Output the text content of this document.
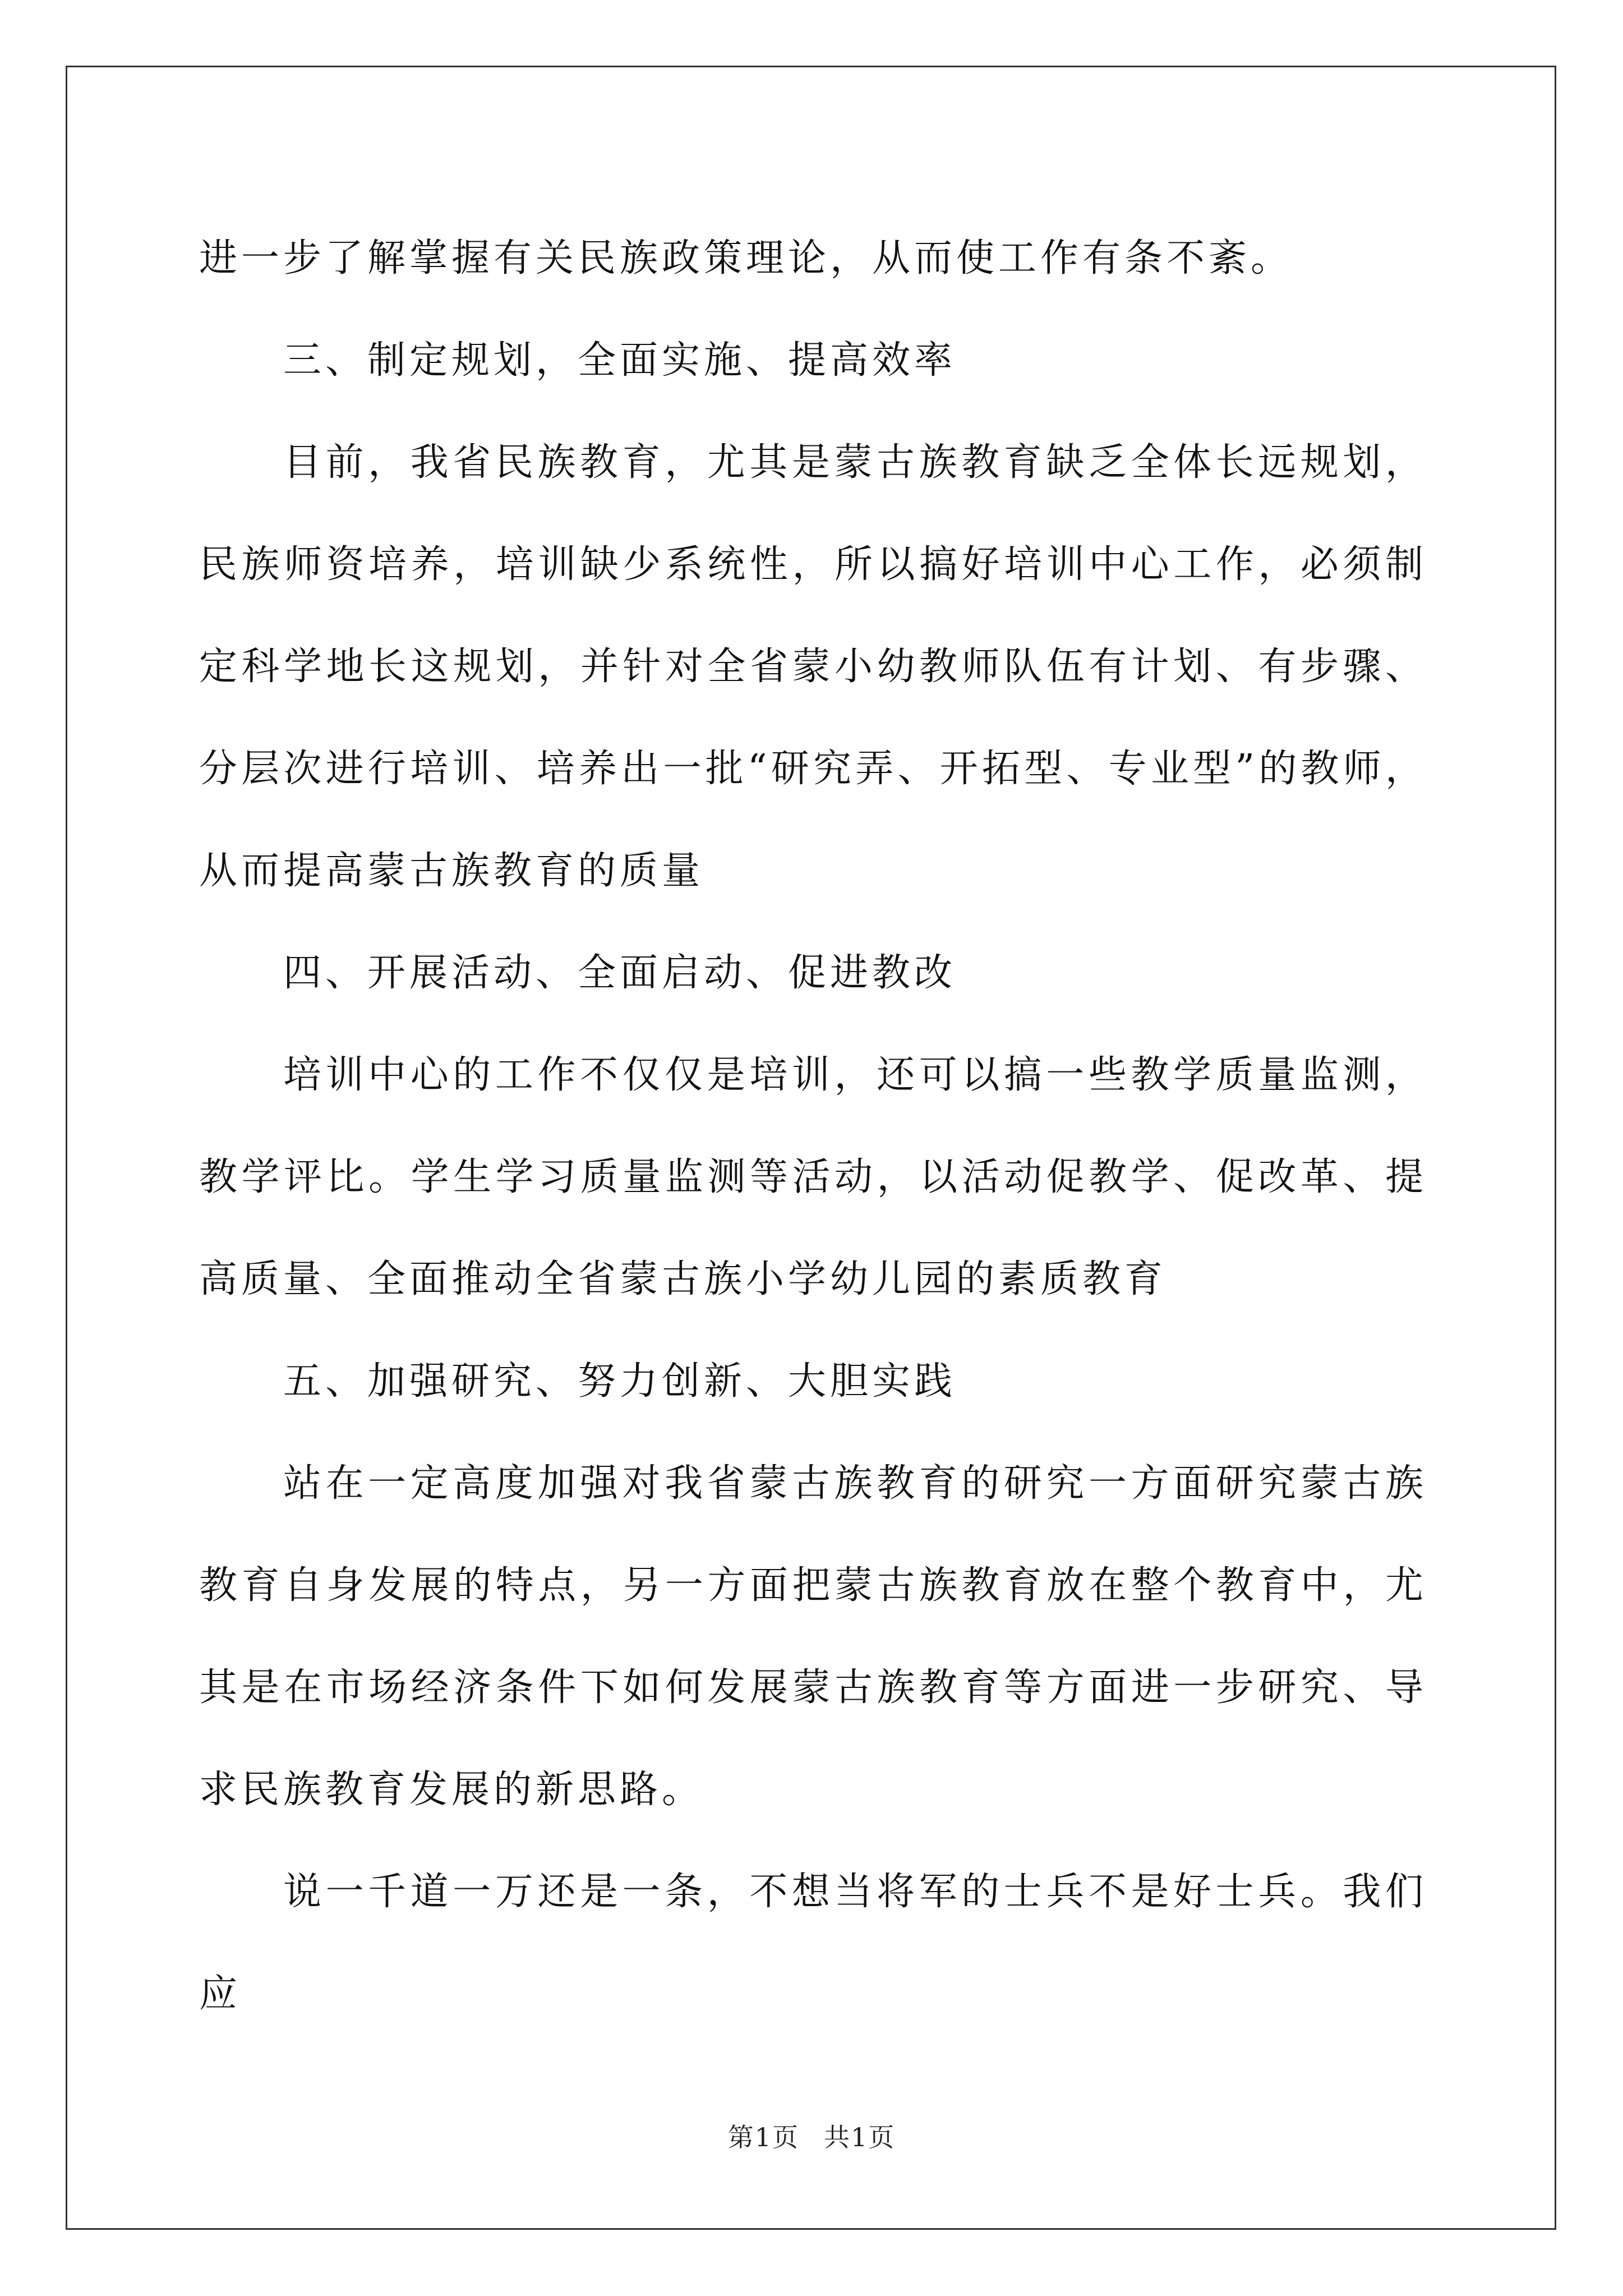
进一步了解掌握有关民族政策理论，从而使工作有条不紊。

三、制定规划，全面实施、提高效率

目前，我省民族教育，尤其是蒙古族教育缺乏全体长远规划，民族师资培养，培训缺少系统性，所以搞好培训中心工作，必须制定科学地长这规划，并针对全省蒙小幼教师队伍有计划、有步骤、分层次进行培训、培养出一批“研究弄、开拓型、专业型”的教师，从而提高蒙古族教育的质量

四、开展活动、全面启动、促进教改

培训中心的工作不仅仅是培训，还可以搞一些教学质量监测，教学评比。学生学习质量监测等活动，以活动促教学、促改革、提高质量、全面推动全省蒙古族小学幼儿园的素质教育

五、加强研究、努力创新、大胆实践

站在一定高度加强对我省蒙古族教育的研究一方面研究蒙古族教育自身发展的特点，另一方面把蒙古族教育放在整个教育中，尤其是在市场经济条件下如何发展蒙古族教育等方面进一步研究、导求民族教育发展的新思路。

说一千道一万还是一条，不想当将军的士兵不是好士兵。我们应

第1页 共1页
